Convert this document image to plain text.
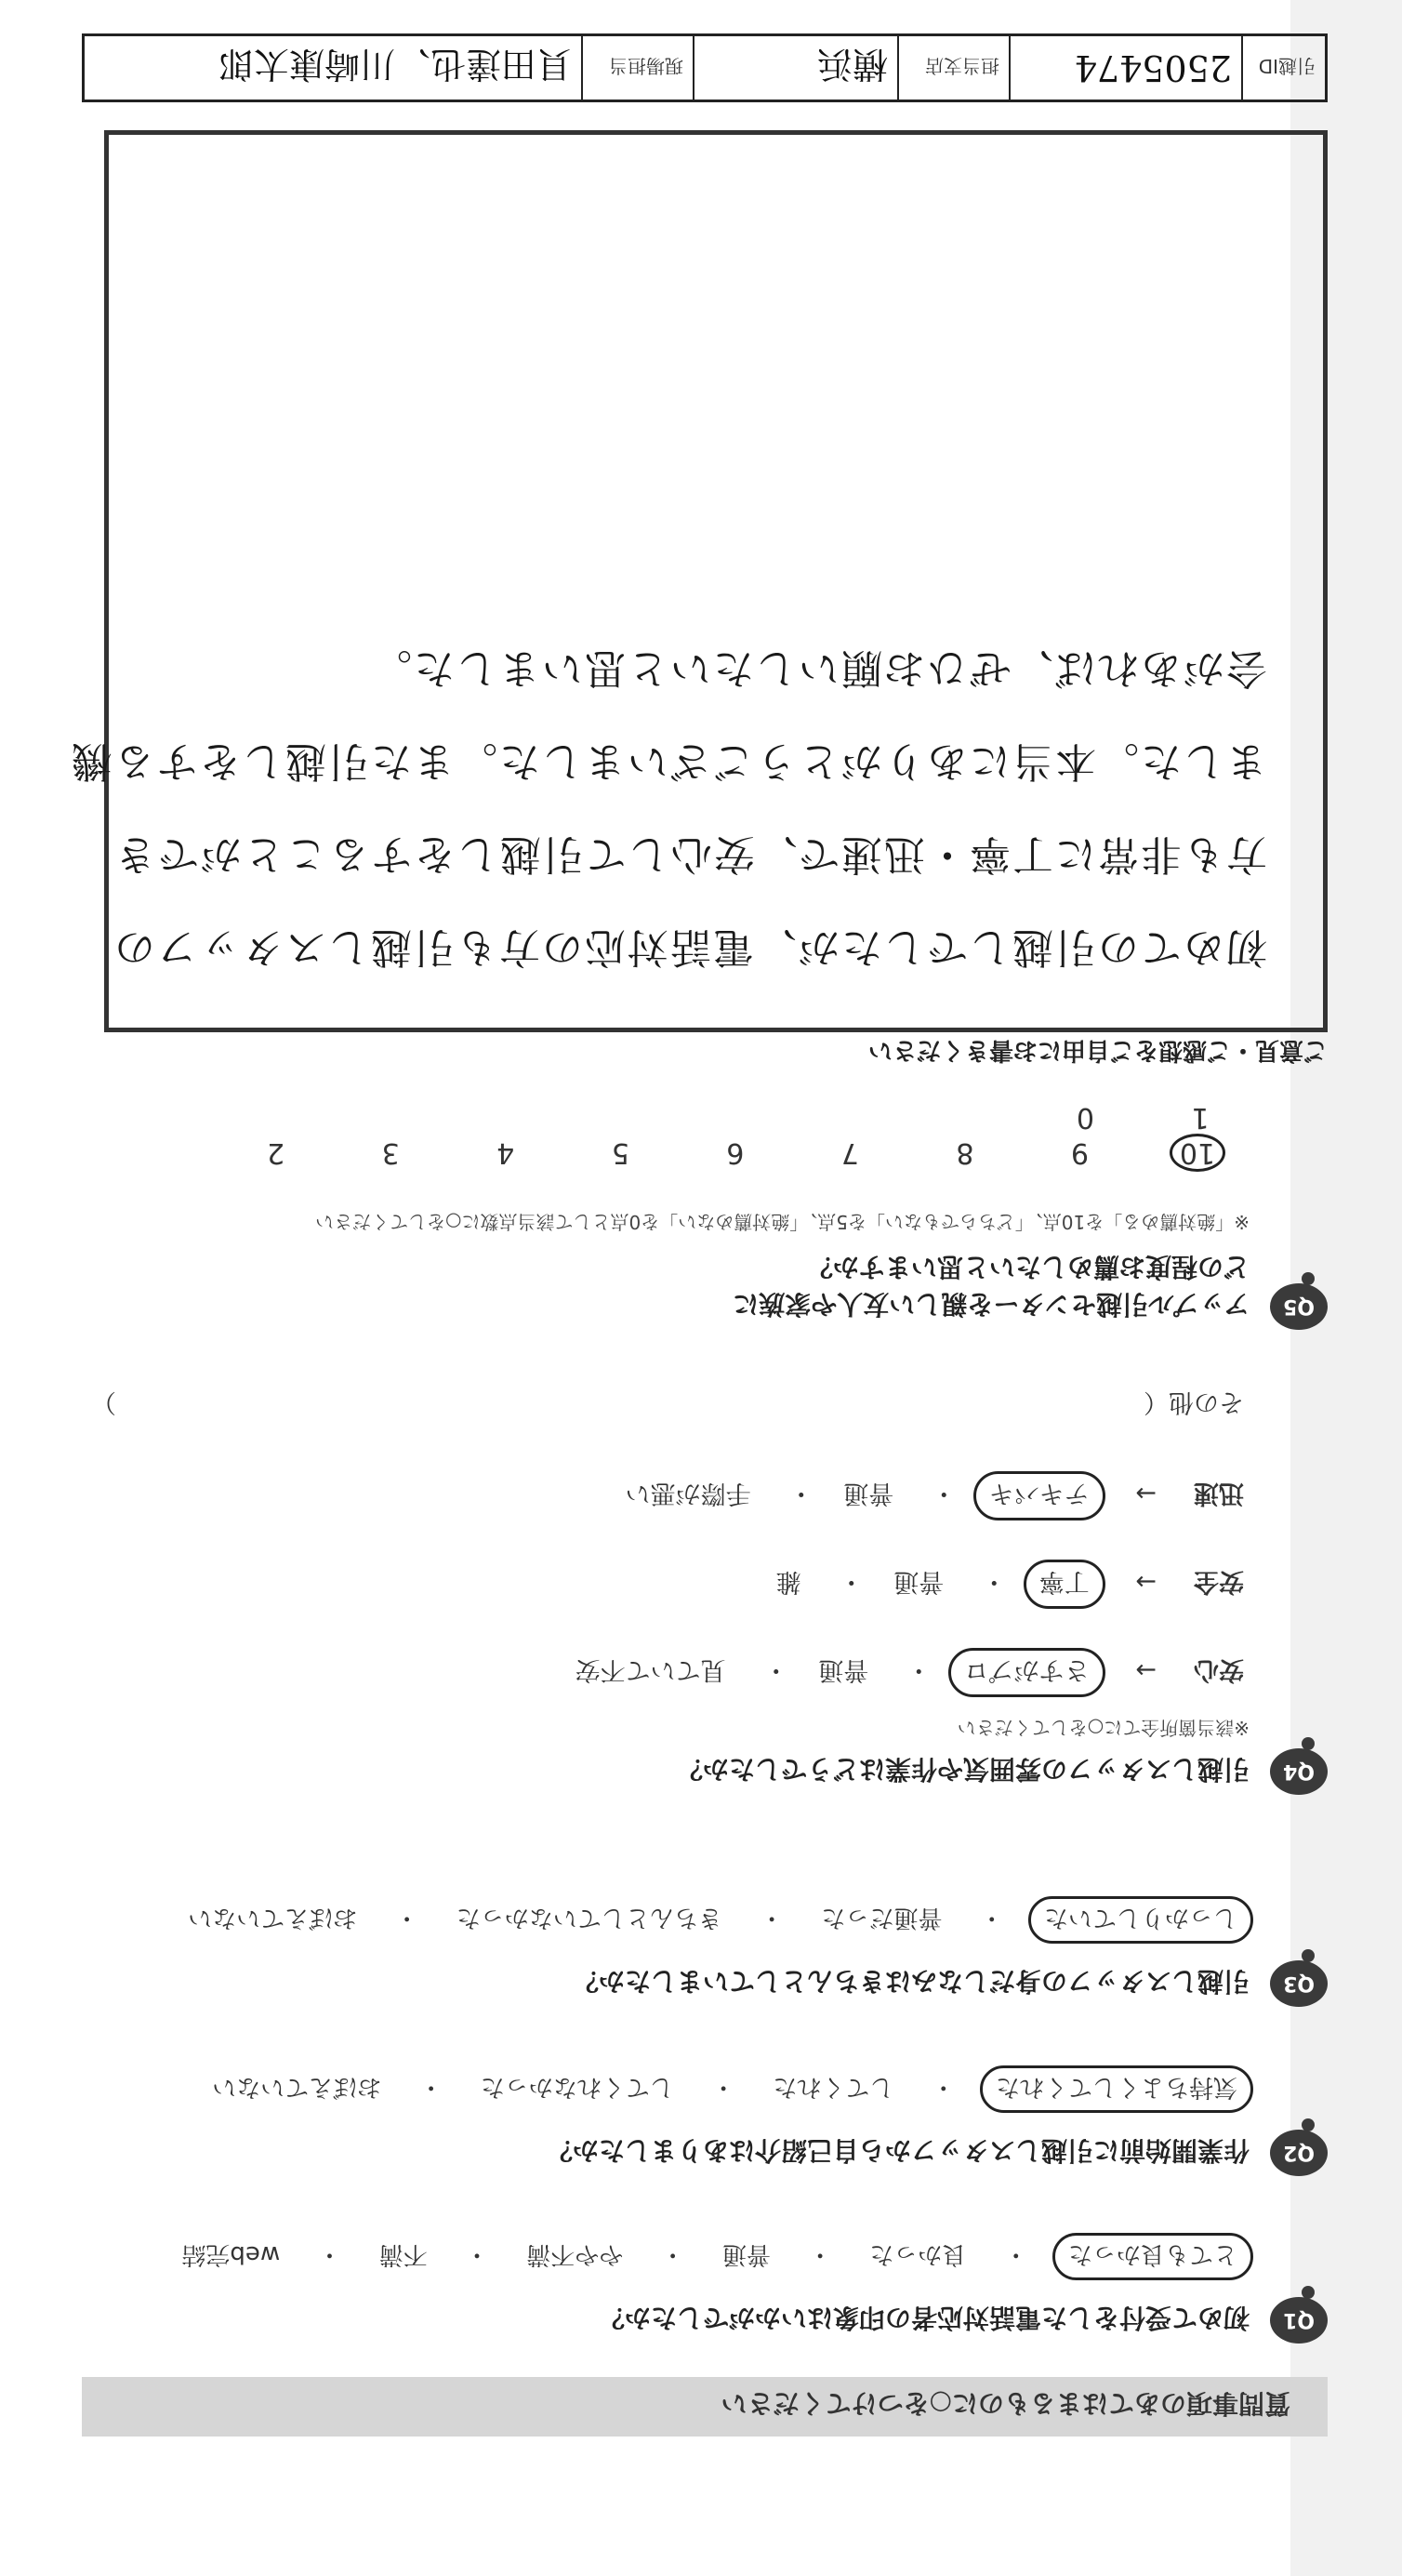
質問事項のあてはまるものに○をつけてください
Q1
初めて受付をした電話対応者の印象はいかがでしたか？
とても良かった ・ 良かった ・ 普通 ・ やや不満 ・ 不満 ・ web完結
Q2
作業開始前に引越しスタッフから自己紹介はありましたか？
気持ちよくしてくれた ・ してくれた ・ してくれなかった ・ おぼえていない
Q3
引越しスタッフの身だしなみはきちんとしていましたか？
しっかりしていた ・ 普通だった ・ きちんとしていなかった ・ おぼえていない
Q4
引越しスタッフの雰囲気や作業はどうでしたか？
※該当箇所全てに○をしてください
安心→ さすがプロ・ 普通・ 見ていて不安
安全→ 丁寧・ 普通・ 雑
迅速→ テキパキ・ 普通・ 手際が悪い
その他（
）
Q5
アップル引越センターを親しい友人や家族に
どの程度お薦めしたいと思いますか？
※「絶対薦める」を10点、「どちらでもない」を5点、「絶対薦めない」を0点として該当点数に○をしてください
10 9 8 7 6 5 4 3 2 1 0
ご意見・ご感想をご自由にお書きください
初めての引越しでしたが、電話対応の方も引越しスタッフの
方も非常に丁寧・迅速で、安心して引越しをすることができ
ました。本当にありがとうございました。また引越しをする機
会があれば、ぜひお願いしたいと思いました。
引越ID
2505474
担当支店
横浜
現場担当
貝田達也、川崎康太郎
